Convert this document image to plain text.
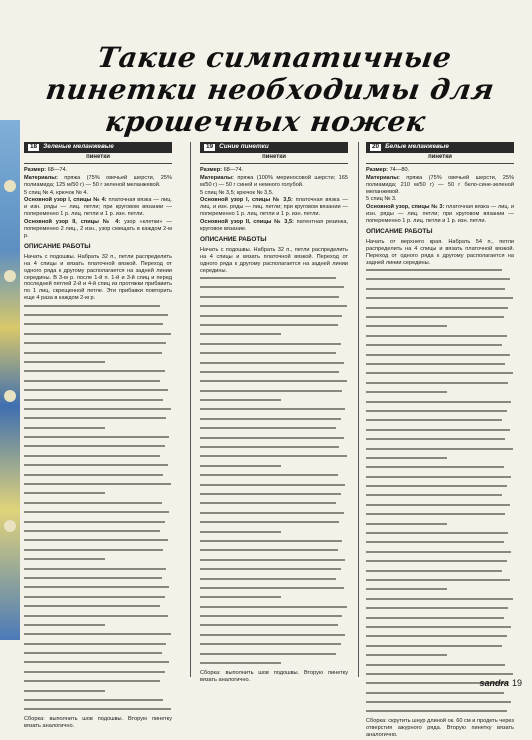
Такие симпатичные пинетки необходимы для крошечных ножек
18 Зеленые меланжевые
пинетки

Размер: 68—74.

Материалы: пряжа (75% овечьей шерсти, 25% полиамида; 125 м/50 г) — 50 г зеленой меланжевой.

5 спиц № 4, крючок № 4.

Основной узор I, спицы № 4: платочная вязка — лиц. и изн. ряды — лиц. петли; при круговом вязании — попеременно 1 р. лиц. петли и 1 р. изн. петли.

Основной узор II, спицы № 4: узор «клетки» — попеременно 2 лиц., 2 изн., узор смещать в каждом 2-м р.

ОПИСАНИЕ РАБОТЫ

Начать с подошвы. Набрать 32 п., петли распределить на 4 спицы и вязать платочной вязкой. Переход от одного ряда к другому располагается на задней линии середины. В 3-м р. после 1-й п. 1-й и 3-й спиц и перед последней петлей 2-й и 4-й спиц из протяжки прибавить по 1 лиц. скрещенной петле. Эти прибавки повторить еще 4 раза в каждом 2-м р.

Сборка: выполнить шов подошвы. Вторую пинетку вязать аналогично.

19 Синие пинетки
пинетки

Размер: 68—74.

Материалы: пряжа (100% мериносовой шерсти; 165 м/50 г) — 50 г синей и немного голубой.

5 спиц № 3,5; крючок № 3,5.

Основной узор I, спицы № 3,5: платочная вязка — лиц. и изн. ряды — лиц. петли; при круговом вязании — попеременно 1 р. лиц. петли и 1 р. изн. петли.

Основной узор II, спицы № 3,5: патентная резинка, круговое вязание.

ОПИСАНИЕ РАБОТЫ

Начать с подошвы. Набрать 32 п., петли распределить на 4 спицы и вязать платочной вязкой. Переход от одного ряда к другому располагается на задней линии середины.

Сборка: выполнить шов подошвы. Вторую пинетку вязать аналогично.

20 Белые меланжевые
пинетки

Размер: 74—80.

Материалы: пряжа (75% овечьей шерсти, 25% полиамида; 210 м/50 г) — 50 г бело-сине-зеленой меланжевой.

5 спиц № 3.

Основной узор, спицы № 3: платочная вязка — лиц. и изн. ряды — лиц. петли; при круговом вязании — попеременно 1 р. лиц. петли и 1 р. изн. петли.

ОПИСАНИЕ РАБОТЫ

Начать от верхнего края. Набрать 54 п., петли распределить на 4 спицы и вязать платочной вязкой. Переход от одного ряда к другому располагается на задней линии середины.

Сборка: скрутить шнур длиной ок. 60 см и продеть через отверстия ажурного ряда. Вторую пинетку вязать аналогично.

sandra 19
